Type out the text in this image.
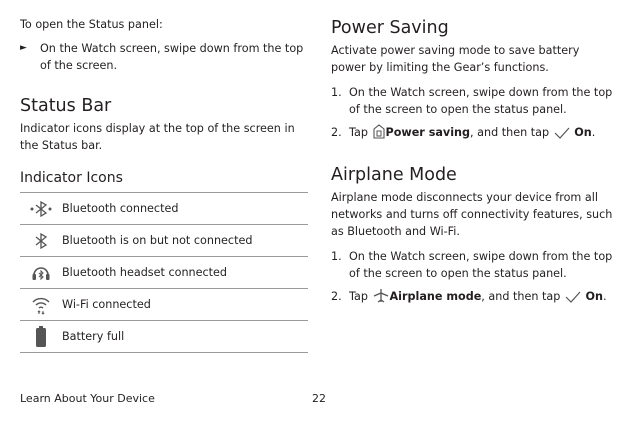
To open the Status panel:

► On the Watch screen, swipe down from the top of the screen.

Status Bar

Indicator icons display at the top of the screen in the Status bar.

Indicator Icons
	Bluetooth connected
	Bluetooth is on but not connected
	Bluetooth headset connected
	Wi-Fi connected
	Battery full
Power Saving

Activate power saving mode to save battery power by limiting the Gear’s functions.

1. On the Watch screen, swipe down from the top of the screen to open the status panel.

2. Tap Power saving, and then tap On.

Airplane Mode

Airplane mode disconnects your device from all networks and turns off connectivity features, such as Bluetooth and Wi-Fi.

1. On the Watch screen, swipe down from the top of the screen to open the status panel.

2. Tap Airplane mode, and then tap On.

Learn About Your Device	22
